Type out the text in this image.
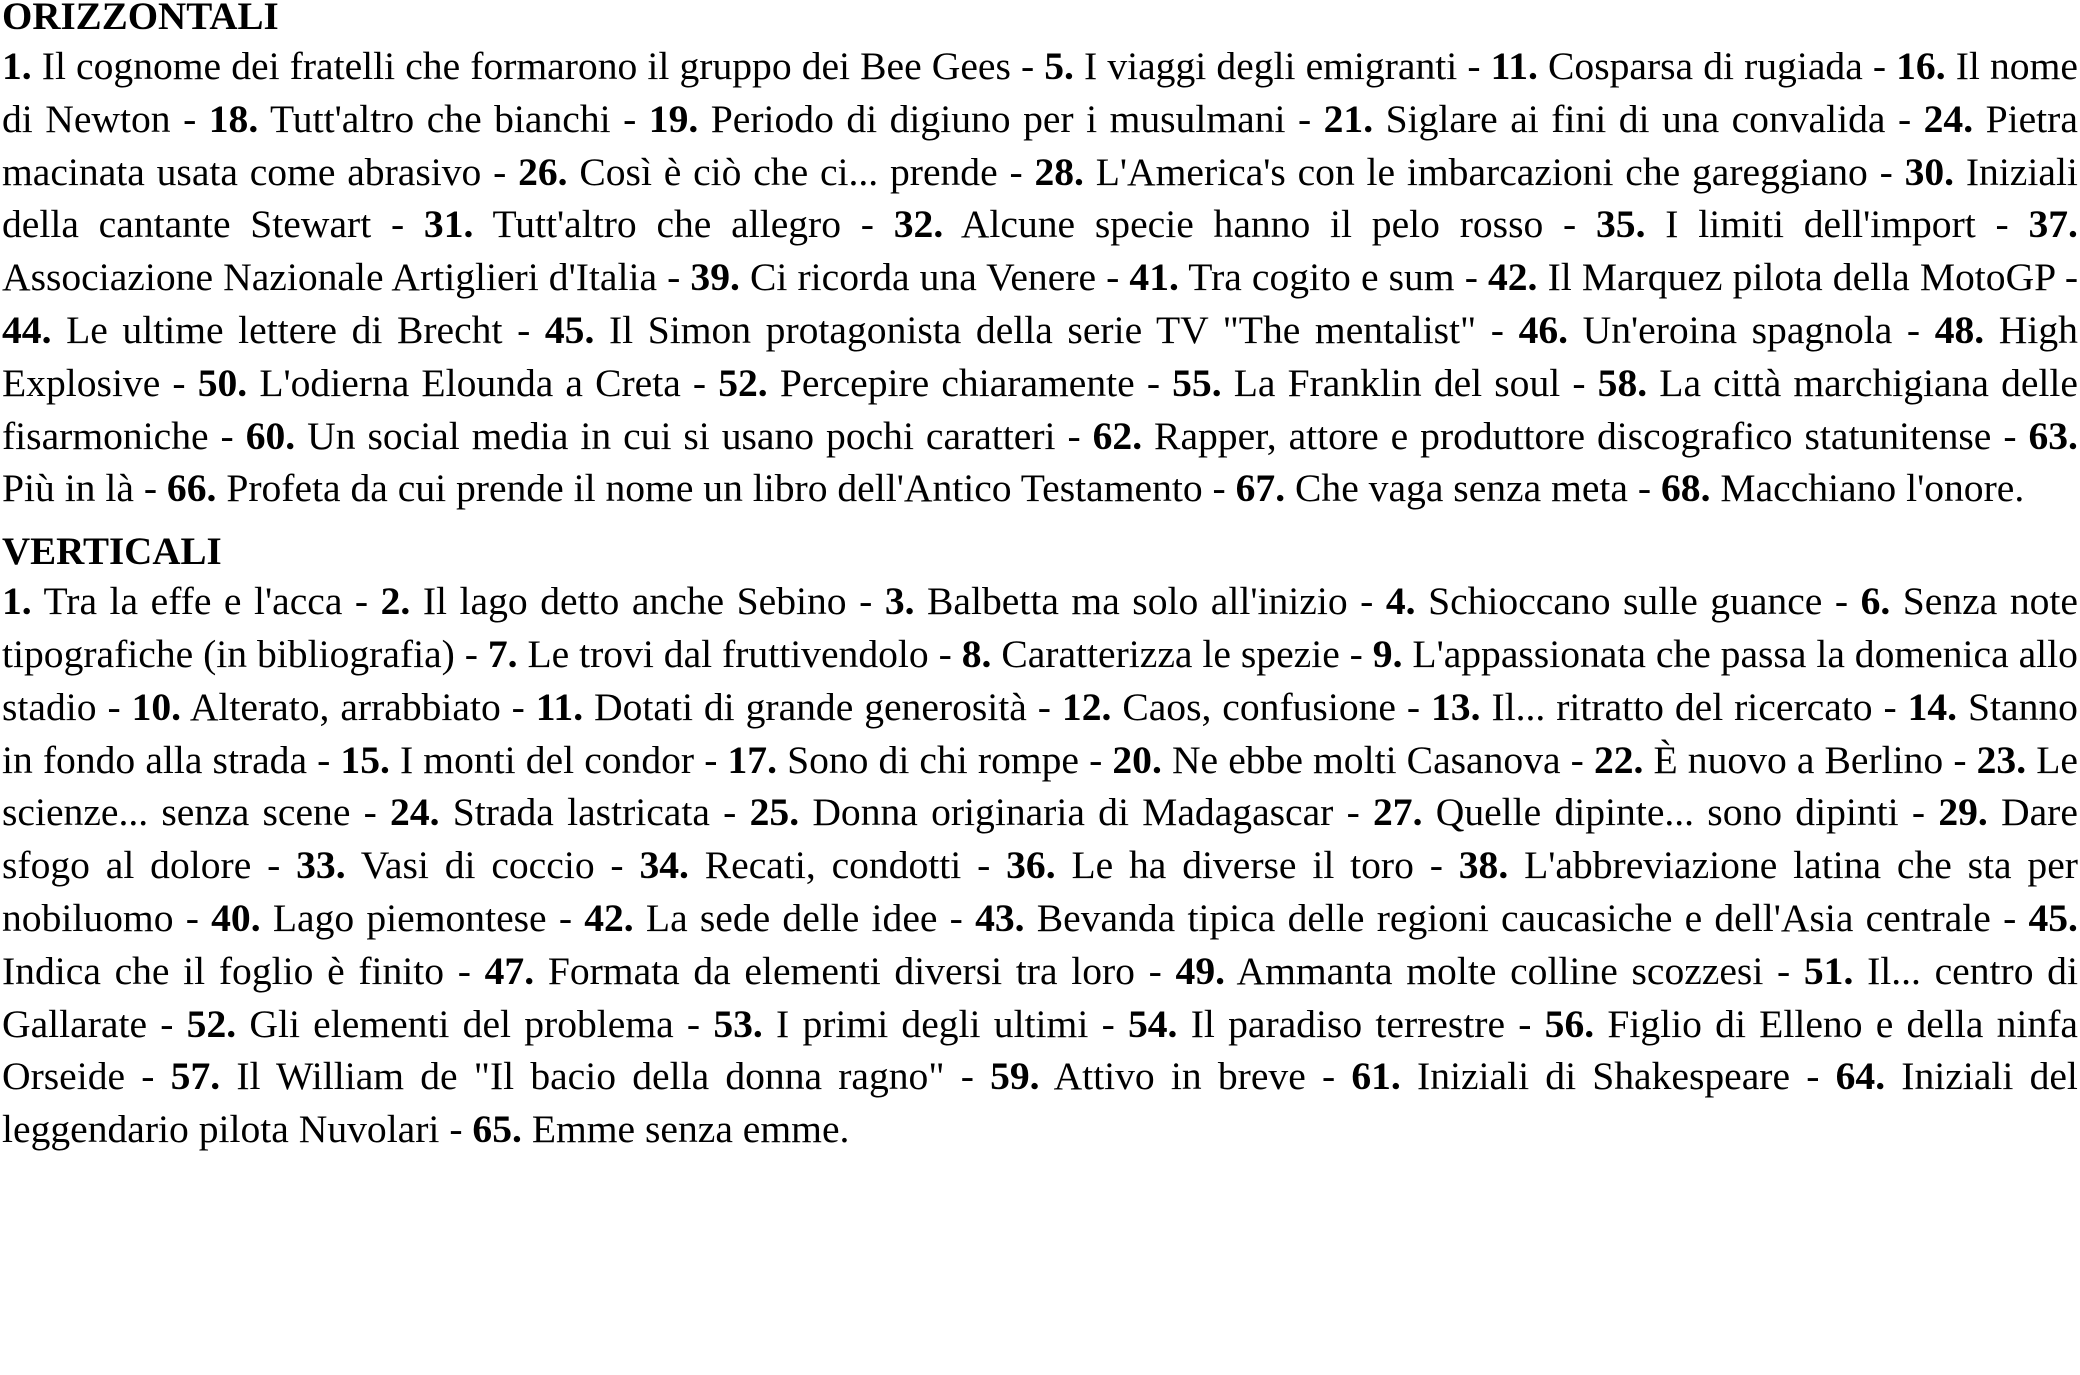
ORIZZONTALI

1. Il cognome dei fratelli che formarono il gruppo dei Bee Gees - 5. I viaggi degli emigranti - 11. Cosparsa di rugiada - 16. Il nome di Newton - 18. Tutt'altro che bianchi - 19. Periodo di digiuno per i musulmani - 21. Siglare ai fini di una convalida - 24. Pietra macinata usata come abrasivo - 26. Così è ciò che ci... prende - 28. L'America's con le imbarcazioni che gareggiano - 30. Iniziali della cantante Stewart - 31. Tutt'altro che allegro - 32. Alcune specie hanno il pelo rosso - 35. I limiti dell'import - 37. Associazione Nazionale Artiglieri d'Italia - 39. Ci ricorda una Venere - 41. Tra cogito e sum - 42. Il Marquez pilota della MotoGP - 44. Le ultime lettere di Brecht - 45. Il Simon protagonista della serie TV "The mentalist" - 46. Un'eroina spagnola - 48. High Explosive - 50. L'odierna Elounda a Creta - 52. Percepire chiaramente - 55. La Franklin del soul - 58. La città marchigiana delle fisarmoniche - 60. Un social media in cui si usano pochi caratteri - 62. Rapper, attore e produttore discografico statunitense - 63. Più in là - 66. Profeta da cui prende il nome un libro dell'Antico Testamento - 67. Che vaga senza meta - 68. Macchiano l'onore.

VERTICALI

1. Tra la effe e l'acca - 2. Il lago detto anche Sebino - 3. Balbetta ma solo all'inizio - 4. Schioccano sulle guance - 6. Senza note tipografiche (in bibliografia) - 7. Le trovi dal fruttivendolo - 8. Caratterizza le spezie - 9. L'appassionata che passa la domenica allo stadio - 10. Alterato, arrabbiato - 11. Dotati di grande generosità - 12. Caos, confusione - 13. Il... ritratto del ricercato - 14. Stanno in fondo alla strada - 15. I monti del condor - 17. Sono di chi rompe - 20. Ne ebbe molti Casanova - 22. È nuovo a Berlino - 23. Le scienze... senza scene - 24. Strada lastricata - 25. Donna originaria di Madagascar - 27. Quelle dipinte... sono dipinti - 29. Dare sfogo al dolore - 33. Vasi di coccio - 34. Recati, condotti - 36. Le ha diverse il toro - 38. L'abbreviazione latina che sta per nobiluomo - 40. Lago piemontese - 42. La sede delle idee - 43. Bevanda tipica delle regioni caucasiche e dell'Asia centrale - 45. Indica che il foglio è finito - 47. Formata da elementi diversi tra loro - 49. Ammanta molte colline scozzesi - 51. Il... centro di Gallarate - 52. Gli elementi del problema - 53. I primi degli ultimi - 54. Il paradiso terrestre - 56. Figlio di Elleno e della ninfa Orseide - 57. Il William de "Il bacio della donna ragno" - 59. Attivo in breve - 61. Iniziali di Shakespeare - 64. Iniziali del leggendario pilota Nuvolari - 65. Emme senza emme.
